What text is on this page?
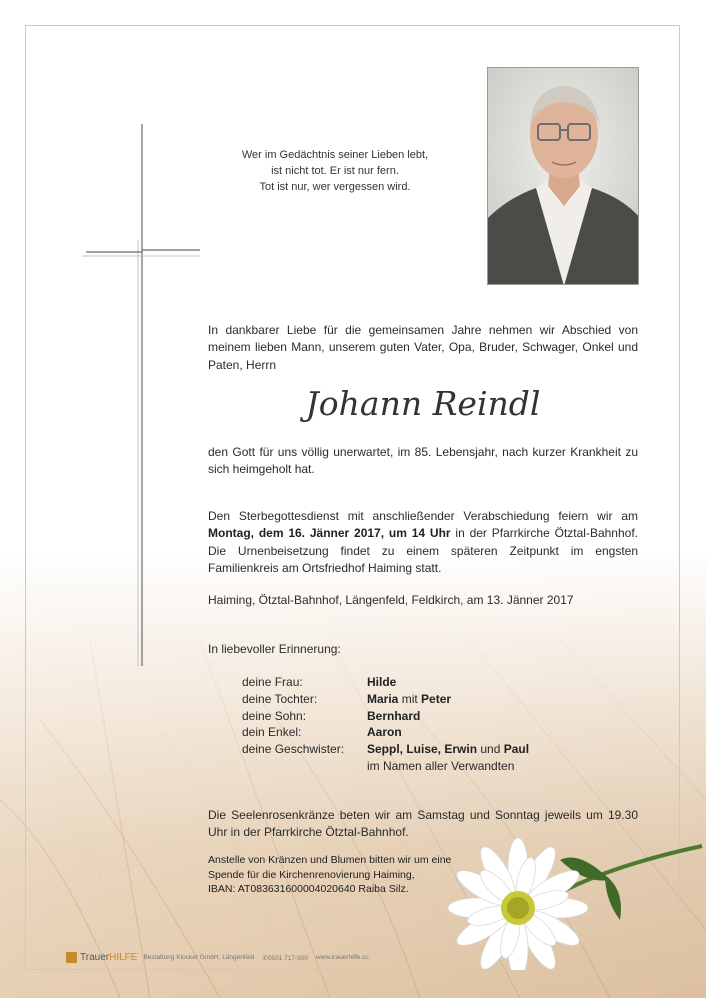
Wer im Gedächtnis seiner Lieben lebt,
ist nicht tot. Er ist nur fern.
Tot ist nur, wer vergessen wird.
In dankbarer Liebe für die gemeinsamen Jahre nehmen wir Abschied von meinem lieben Mann, unserem guten Vater, Opa, Bruder, Schwager, Onkel und Paten, Herrn
Johann Reindl
den Gott für uns völlig unerwartet, im 85. Lebensjahr, nach kurzer Krankheit zu sich heimgeholt hat.
Den Sterbegottesdienst mit anschließender Verabschiedung feiern wir am Montag, dem 16. Jänner 2017, um 14 Uhr in der Pfarrkirche Ötztal-Bahnhof. Die Urnenbeisetzung findet zu einem späteren Zeitpunkt im engsten Familienkreis am Ortsfriedhof Haiming statt.
Haiming, Ötztal-Bahnhof, Längenfeld, Feldkirch, am 13. Jänner 2017
In liebevoller Erinnerung:
deine Frau:	Hilde
deine Tochter:	Maria mit Peter
deine Sohn:	Bernhard
dein Enkel:	Aaron
deine Geschwister:	Seppl, Luise, Erwin und Paul
im Namen aller Verwandten
Die Seelenrosenkränze beten wir am Samstag und Sonntag jeweils um 19.30 Uhr in der Pfarrkirche Ötztal-Bahnhof.
Anstelle von Kränzen und Blumen bitten wir um eine
Spende für die Kirchenrenovierung Haiming,
IBAN: AT083631600004020640 Raiba Silz.
TrauerHILFE Bestattung Klocker GmbH, Längenfeld ✆0501 717-500 www.trauerhilfe.cc
